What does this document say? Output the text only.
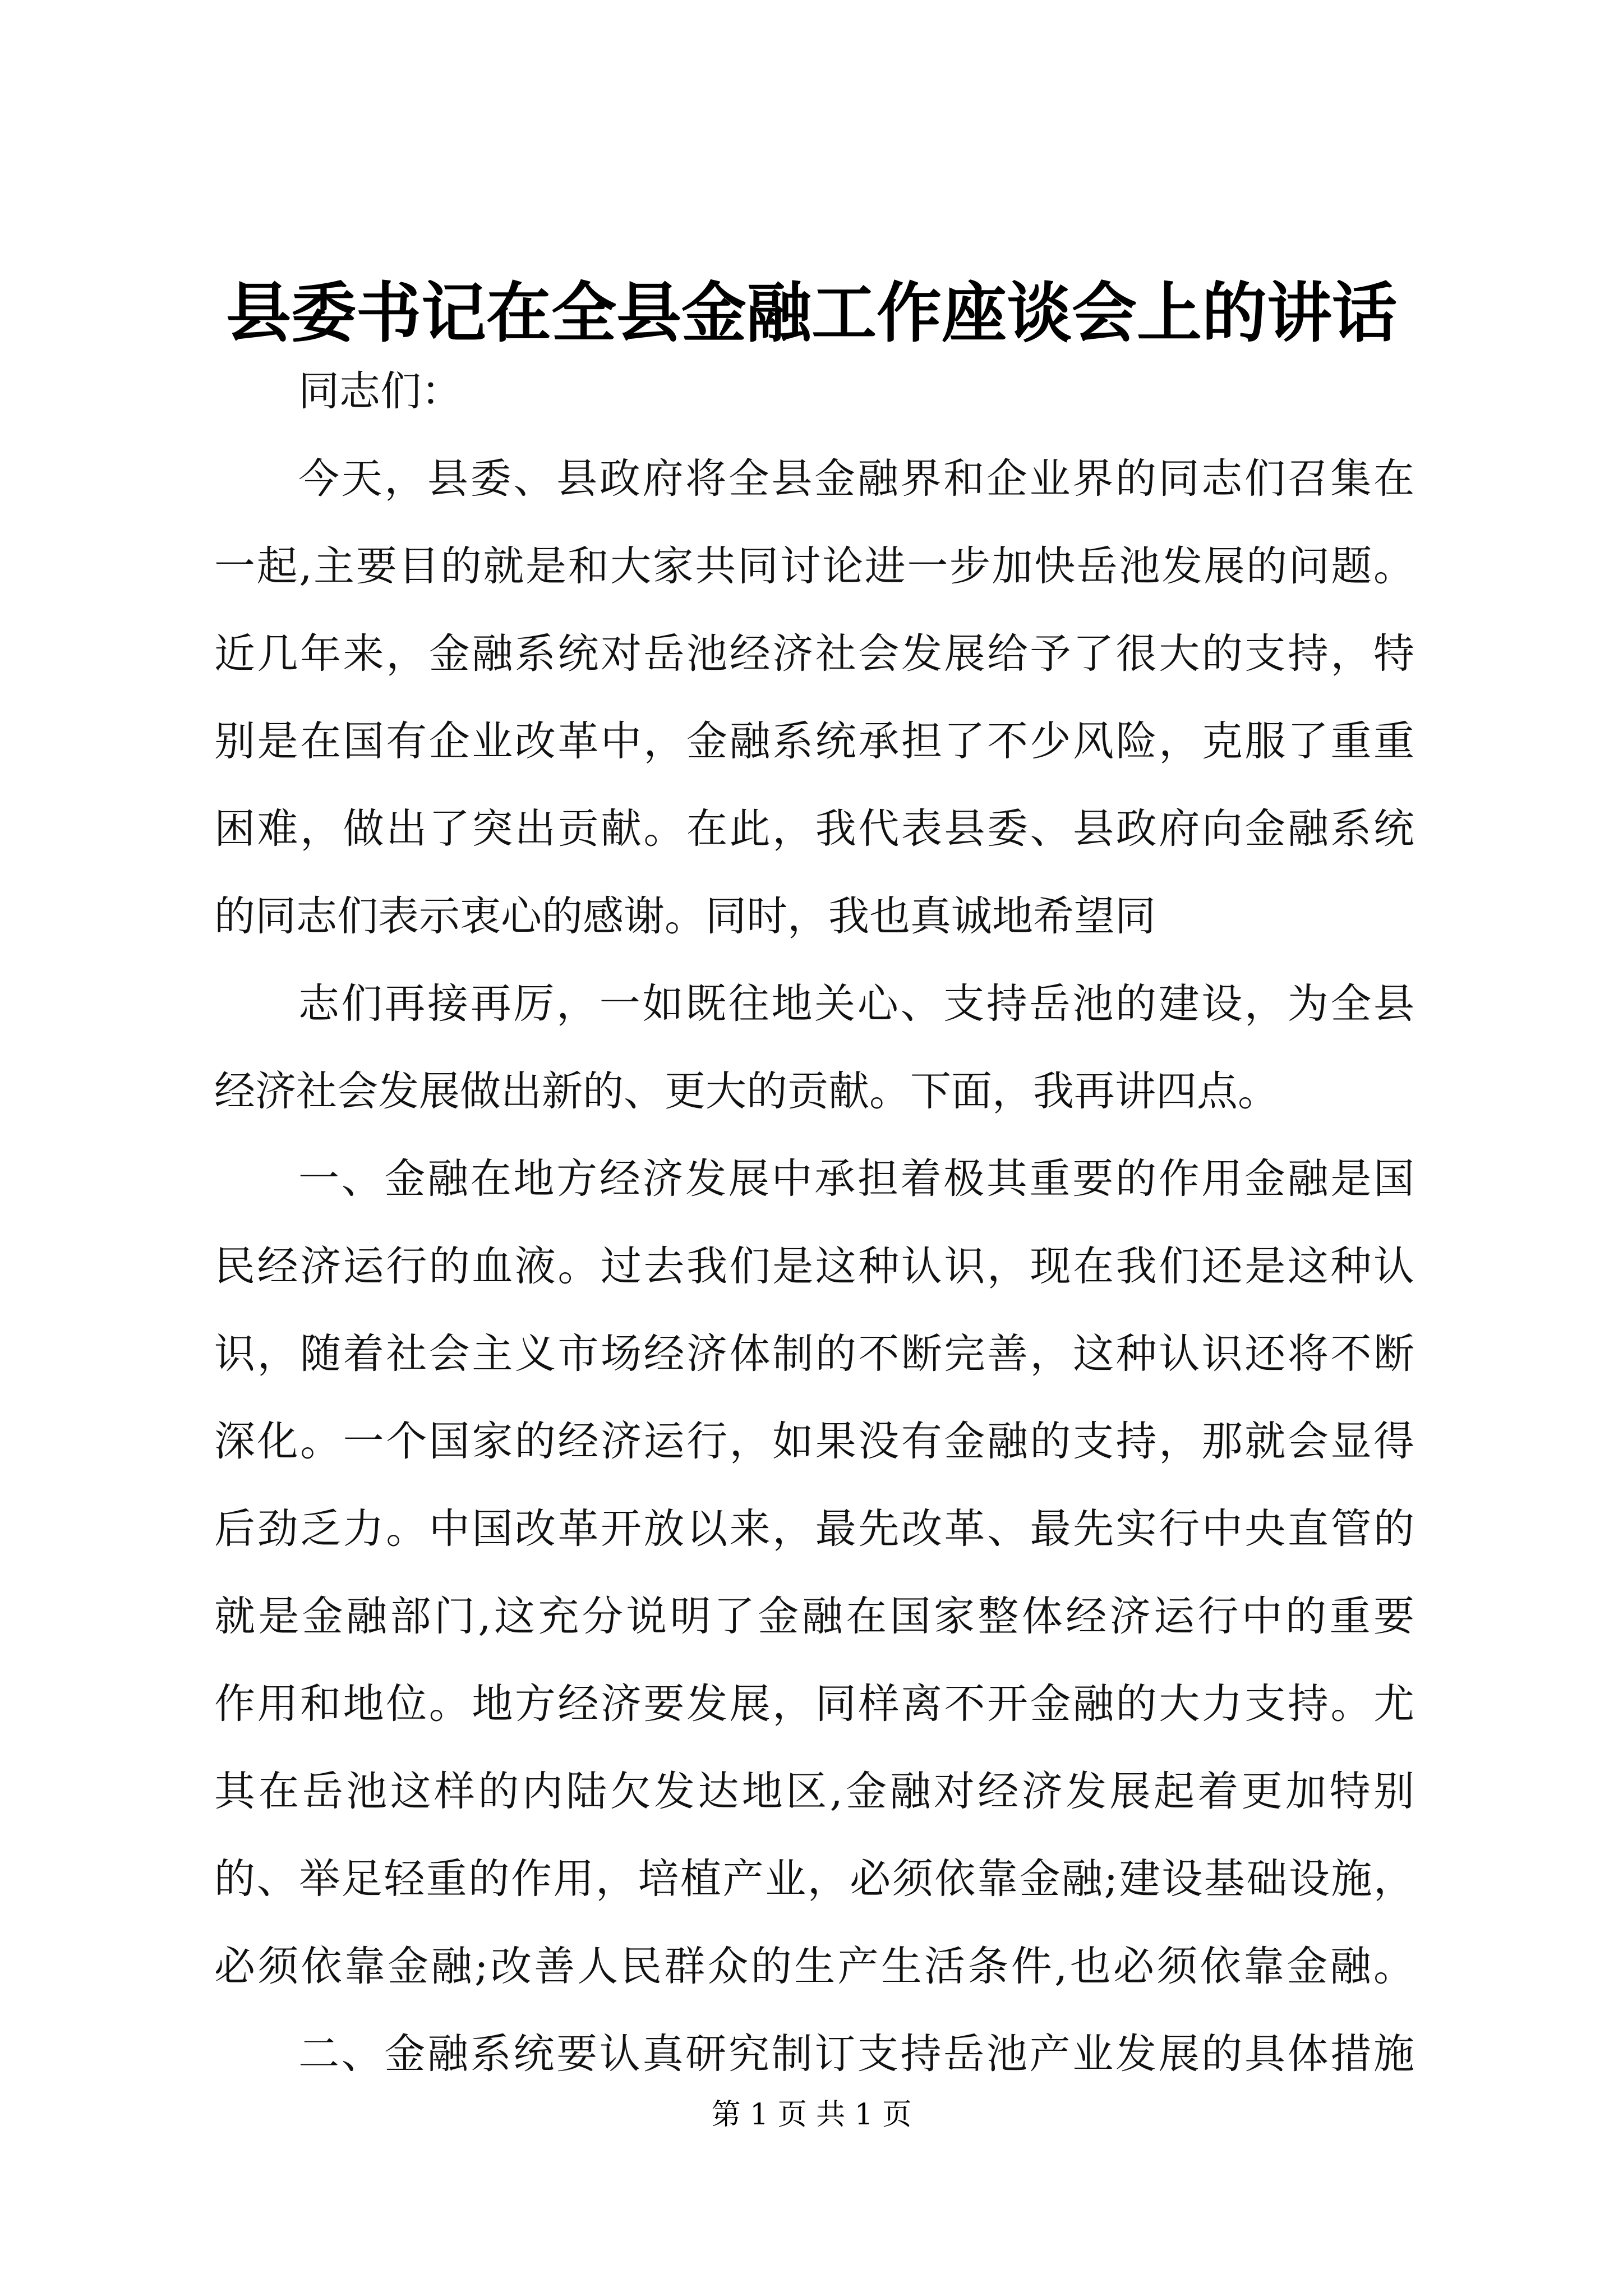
县委书记在全县金融工作座谈会上的讲话
同志们：
今天，县委、县政府将全县金融界和企业界的同志们召集在
一起,主要目的就是和大家共同讨论进一步加快岳池发展的问题。
近几年来，金融系统对岳池经济社会发展给予了很大的支持，特
别是在国有企业改革中，金融系统承担了不少风险，克服了重重
困难，做出了突出贡献。在此，我代表县委、县政府向金融系统
的同志们表示衷心的感谢。同时，我也真诚地希望同
志们再接再厉，一如既往地关心、支持岳池的建设，为全县
经济社会发展做出新的、更大的贡献。下面，我再讲四点。
一、金融在地方经济发展中承担着极其重要的作用金融是国
民经济运行的血液。过去我们是这种认识，现在我们还是这种认
识，随着社会主义市场经济体制的不断完善，这种认识还将不断
深化。一个国家的经济运行，如果没有金融的支持，那就会显得
后劲乏力。中国改革开放以来，最先改革、最先实行中央直管的
就是金融部门,这充分说明了金融在国家整体经济运行中的重要
作用和地位。地方经济要发展，同样离不开金融的大力支持。尤
其在岳池这样的内陆欠发达地区,金融对经济发展起着更加特别
的、举足轻重的作用，培植产业，必须依靠金融;建设基础设施，
必须依靠金融;改善人民群众的生产生活条件,也必须依靠金融。
二、金融系统要认真研究制订支持岳池产业发展的具体措施
第 1 页 共 1 页
